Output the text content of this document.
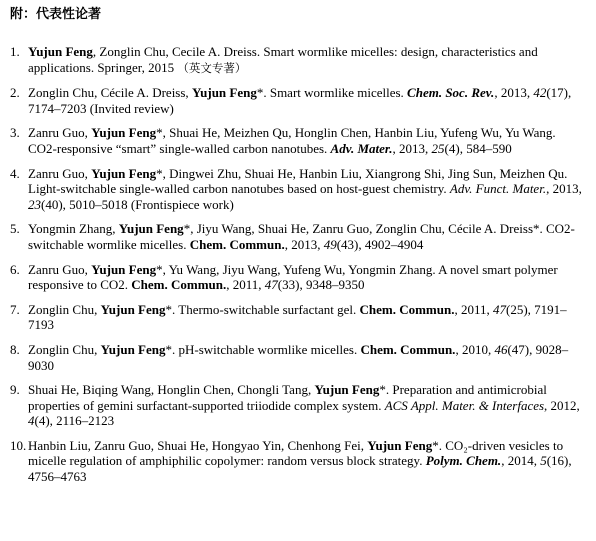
附：代表性论著
1. Yujun Feng, Zonglin Chu, Cecile A. Dreiss. Smart wormlike micelles: design, characteristics and applications. Springer, 2015 （英文专著）
2. Zonglin Chu, Cécile A. Dreiss, Yujun Feng*. Smart wormlike micelles. Chem. Soc. Rev., 2013, 42(17), 7174–7203 (Invited review)
3. Zanru Guo, Yujun Feng*, Shuai He, Meizhen Qu, Honglin Chen, Hanbin Liu, Yufeng Wu, Yu Wang. CO2-responsive “smart” single-walled carbon nanotubes. Adv. Mater., 2013, 25(4), 584–590
4. Zanru Guo, Yujun Feng*, Dingwei Zhu, Shuai He, Hanbin Liu, Xiangrong Shi, Jing Sun, Meizhen Qu. Light-switchable single-walled carbon nanotubes based on host-guest chemistry. Adv. Funct. Mater., 2013, 23(40), 5010–5018 (Frontispiece work)
5. Yongmin Zhang, Yujun Feng*, Jiyu Wang, Shuai He, Zanru Guo, Zonglin Chu, Cécile A. Dreiss*. CO2-switchable wormlike micelles. Chem. Commun., 2013, 49(43), 4902–4904
6. Zanru Guo, Yujun Feng*, Yu Wang, Jiyu Wang, Yufeng Wu, Yongmin Zhang. A novel smart polymer responsive to CO2. Chem. Commun., 2011, 47(33), 9348–9350
7. Zonglin Chu, Yujun Feng*. Thermo-switchable surfactant gel. Chem. Commun., 2011, 47(25), 7191–7193
8. Zonglin Chu, Yujun Feng*. pH-switchable wormlike micelles. Chem. Commun., 2010, 46(47), 9028–9030
9. Shuai He, Biqing Wang, Honglin Chen, Chongli Tang, Yujun Feng*. Preparation and antimicrobial properties of gemini surfactant-supported triiodide complex system. ACS Appl. Mater. & Interfaces, 2012, 4(4), 2116–2123
10. Hanbin Liu, Zanru Guo, Shuai He, Hongyao Yin, Chenhong Fei, Yujun Feng*. CO₂-driven vesicles to micelle regulation of amphiphilic copolymer: random versus block strategy. Polym. Chem., 2014, 5(16), 4756–4763
